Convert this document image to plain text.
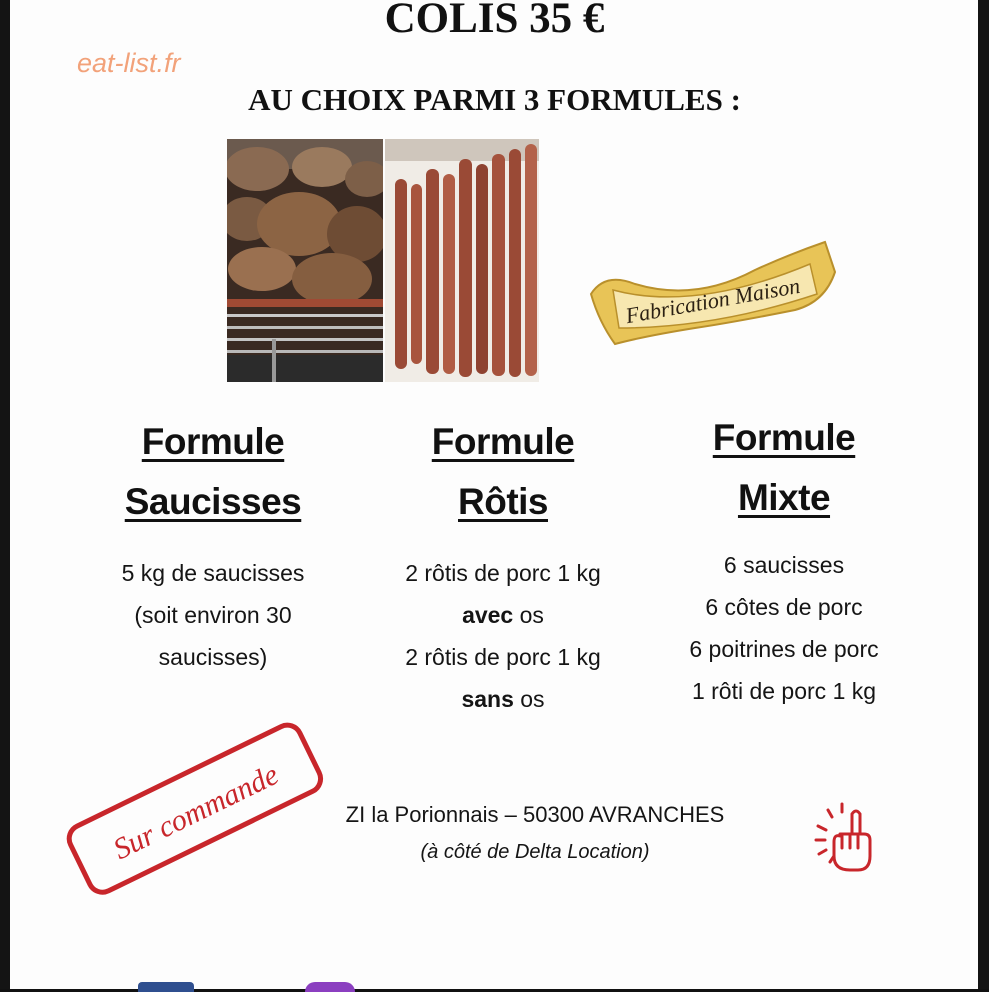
COLIS 35 €
eat-list.fr
AU CHOIX PARMI 3 FORMULES :
Fabrication Maison
Formule
Saucisses
5 kg de saucisses
(soit environ 30
saucisses)
Formule
Rôtis
2 rôtis de porc 1 kg
avec os
2 rôtis de porc 1 kg
sans os
Formule
Mixte
6 saucisses
6 côtes de porc
6 poitrines de porc
1 rôti de porc 1 kg
Sur commande	ZI la Porionnais – 50300 AVRANCHES
(à côté de Delta Location)
